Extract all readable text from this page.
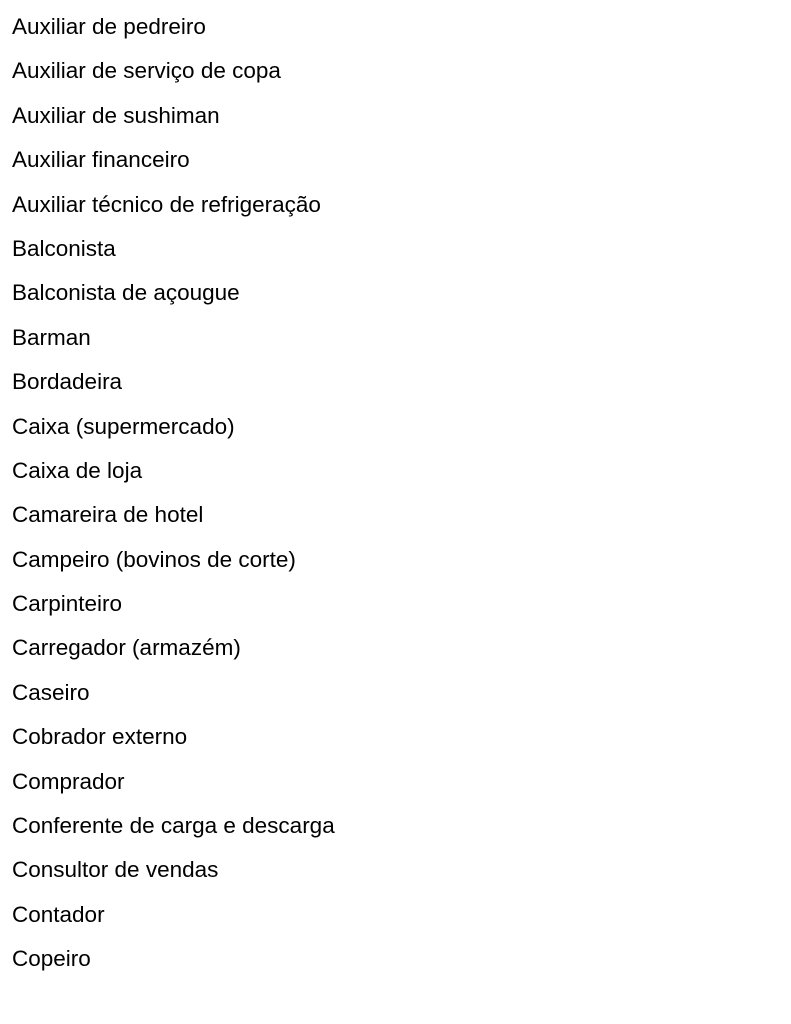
Auxiliar de pedreiro
Auxiliar de serviço de copa
Auxiliar de sushiman
Auxiliar financeiro
Auxiliar técnico de refrigeração
Balconista
Balconista de açougue
Barman
Bordadeira
Caixa (supermercado)
Caixa de loja
Camareira de hotel
Campeiro (bovinos de corte)
Carpinteiro
Carregador (armazém)
Caseiro
Cobrador externo
Comprador
Conferente de carga e descarga
Consultor de vendas
Contador
Copeiro
